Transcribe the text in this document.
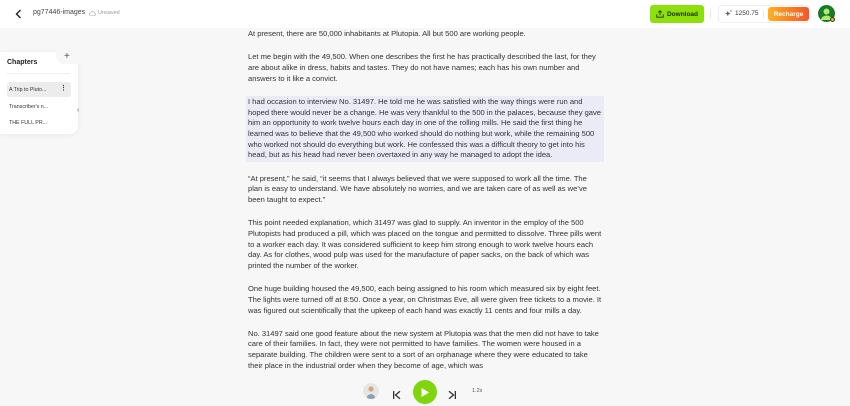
pg77446-images Unsaved	Download	1250.75	Recharge
+
Chapters
A Trip to Pluto... ⋮
Transcriber's n...
THE FULL PR...
‹

At present, there are 50,000 inhabitants at Plutopia. All but 500 are working people.

Let me begin with the 49,500. When one describes the first he has practically described the last, for they are about alike in dress, habits and tastes. They do not have names; each has his own number and answers to it like a convict.

I had occasion to interview No. 31497. He told me he was satisfied with the way things were run and hoped there would never be a change. He was very thankful to the 500 in the palaces, because they gave him an opportunity to work twelve hours each day in one of the rolling mills. He said the first thing he learned was to believe that the 49,500 who worked should do nothing but work, while the remaining 500 who worked not should do everything but work. He confessed this was a difficult theory to get into his head, but as his head had never been overtaxed in any way he managed to adopt the idea.

“At present,” he said, “it seems that I always believed that we were supposed to work all the time. The plan is easy to understand. We have absolutely no worries, and we are taken care of as well as we’ve been taught to expect.”

This point needed explanation, which 31497 was glad to supply. An inventor in the employ of the 500 Plutopists had produced a pill, which was placed on the tongue and permitted to dissolve. Three pills went to a worker each day. It was considered sufficient to keep him strong enough to work twelve hours each day. As for clothes, wood pulp was used for the manufacture of paper sacks, on the back of which was printed the number of the worker.

One huge building housed the 49,500, each being assigned to his room which measured six by eight feet. The lights were turned off at 8:50. Once a year, on Christmas Eve, all were given free tickets to a movie. It was figured out scientifically that the upkeep of each hand was exactly 11 cents and four mills a day.

No. 31497 said one good feature about the new system at Plutopia was that the men did not have to take care of their families. In fact, they were not permitted to have families. The women were housed in a separate building. The children were sent to a sort of an orphanage where they were educated to take their place in the industrial order when they become of age, which was

1.2x
